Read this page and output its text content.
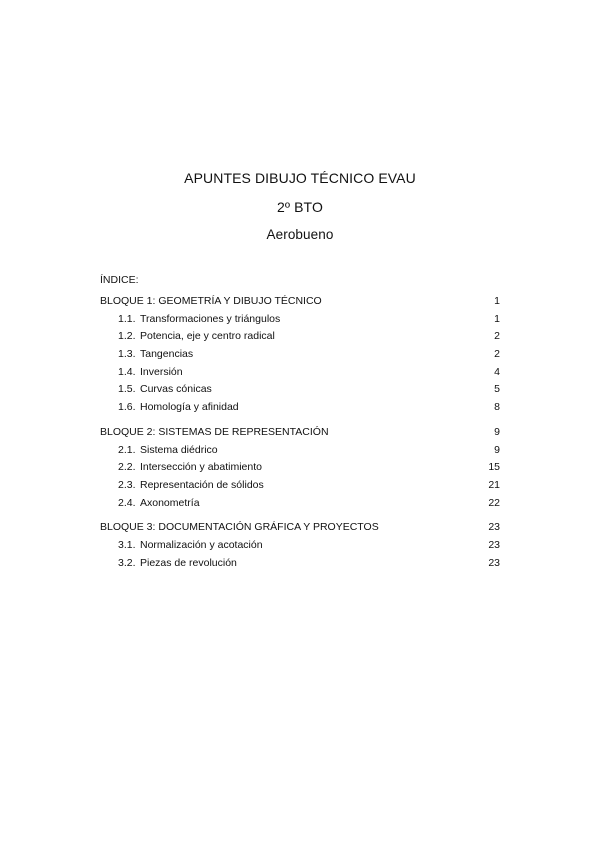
APUNTES DIBUJO TÉCNICO EVAU
2º BTO
Aerobueno
ÍNDICE:
BLOQUE 1: GEOMETRÍA Y DIBUJO TÉCNICO	1
1.1. Transformaciones y triángulos	1
1.2. Potencia, eje y centro radical	2
1.3. Tangencias	2
1.4. Inversión	4
1.5. Curvas cónicas	5
1.6. Homología y afinidad	8
BLOQUE 2: SISTEMAS DE REPRESENTACIÓN	9
2.1. Sistema diédrico	9
2.2. Intersección y abatimiento	15
2.3. Representación de sólidos	21
2.4. Axonometría	22
BLOQUE 3: DOCUMENTACIÓN GRÁFICA Y PROYECTOS	23
3.1. Normalización y acotación	23
3.2. Piezas de revolución	23
